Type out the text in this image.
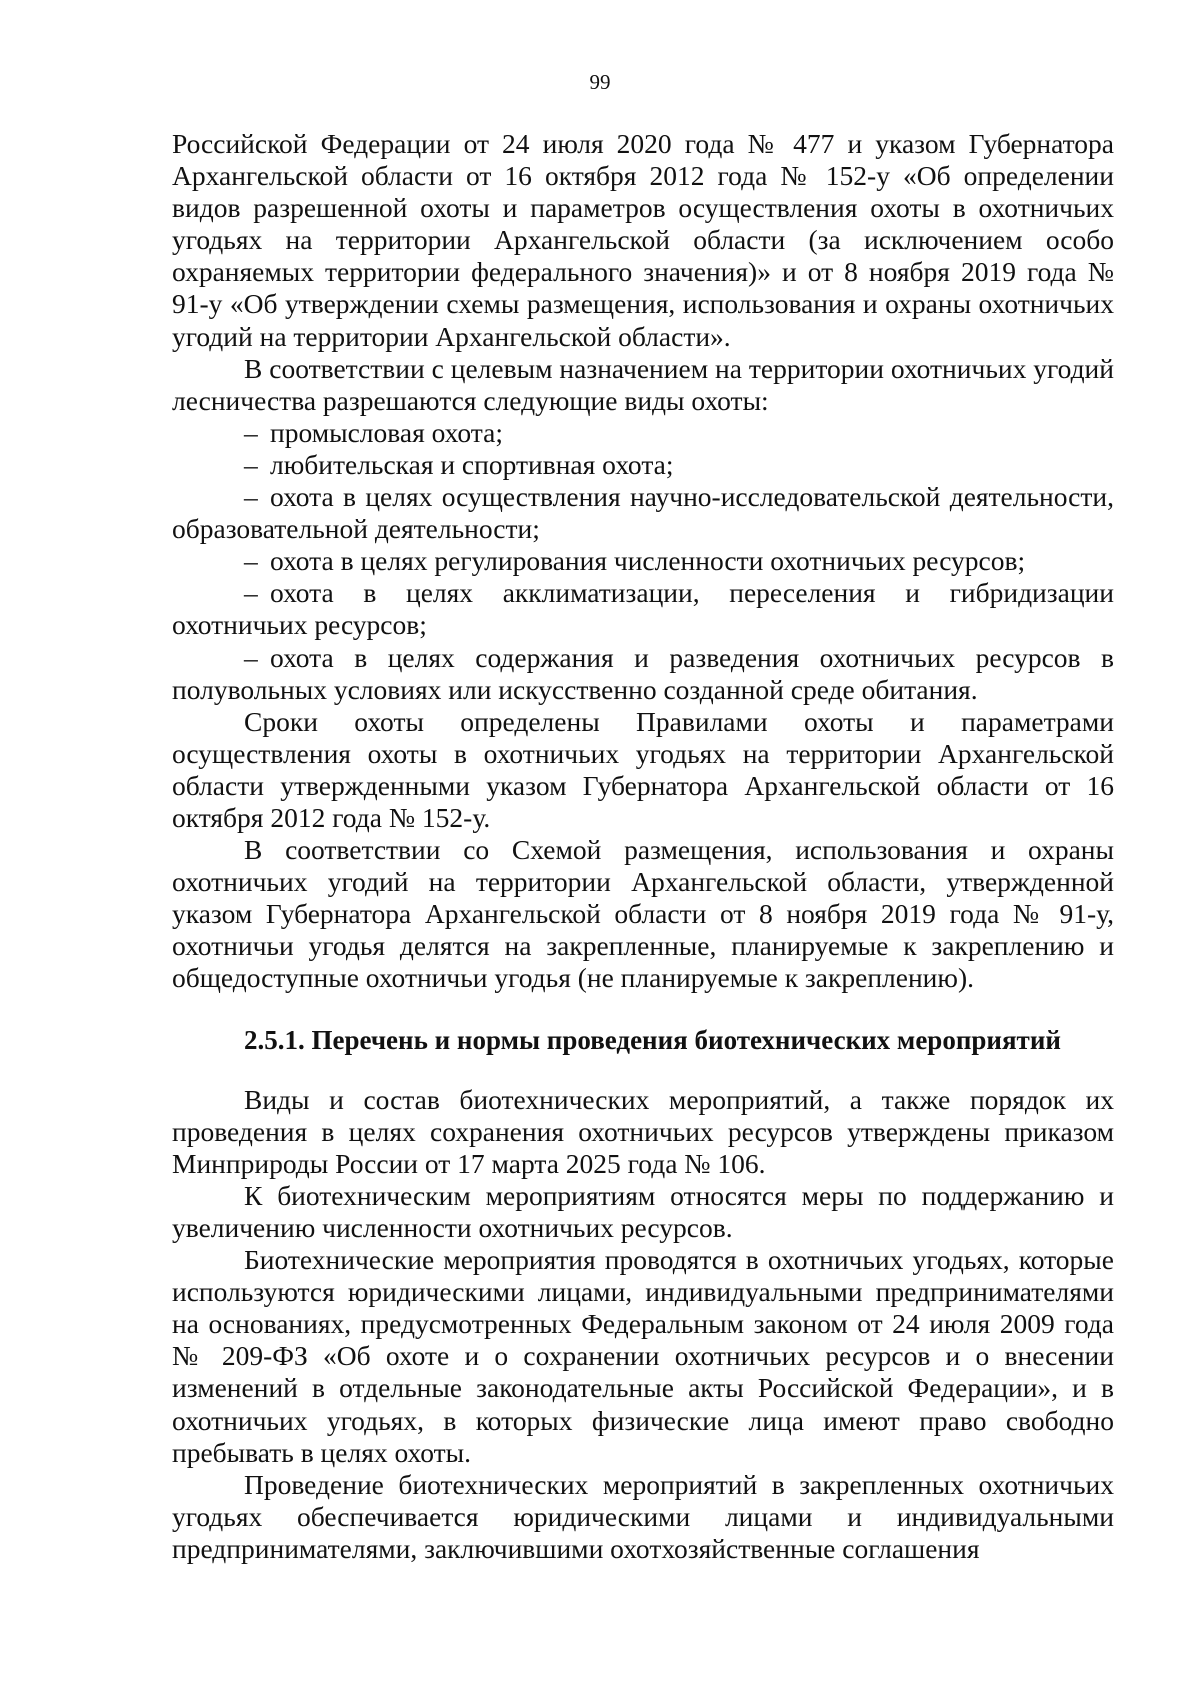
99

Российской Федерации от 24 июля 2020 года № 477 и указом Губернатора Архангельской области от 16 октября 2012 года № 152-у «Об определении видов разрешенной охоты и параметров осуществления охоты в охотничьих угодьях на территории Архангельской области (за исключением особо охраняемых территории федерального значения)» и от 8 ноября 2019 года № 91-у «Об утверждении схемы размещения, использования и охраны охотничьих угодий на территории Архангельской области».

В соответствии с целевым назначением на территории охотничьих угодий лесничества разрешаются следующие виды охоты:

– промысловая охота;

– любительская и спортивная охота;

– охота в целях осуществления научно-исследовательской деятельности, образовательной деятельности;

– охота в целях регулирования численности охотничьих ресурсов;

– охота в целях акклиматизации, переселения и гибридизации охотничьих ресурсов;

– охота в целях содержания и разведения охотничьих ресурсов в полувольных условиях или искусственно созданной среде обитания.

Сроки охоты определены Правилами охоты и параметрами осуществления охоты в охотничьих угодьях на территории Архангельской области утвержденными указом Губернатора Архангельской области от 16 октября 2012 года № 152-у.

В соответствии со Схемой размещения, использования и охраны охотничьих угодий на территории Архангельской области, утвержденной указом Губернатора Архангельской области от 8 ноября 2019 года № 91-у, охотничьи угодья делятся на закрепленные, планируемые к закреплению и общедоступные охотничьи угодья (не планируемые к закреплению).

2.5.1. Перечень и нормы проведения биотехнических мероприятий

Виды и состав биотехнических мероприятий, а также порядок их проведения в целях сохранения охотничьих ресурсов утверждены приказом Минприроды России от 17 марта 2025 года № 106.

К биотехническим мероприятиям относятся меры по поддержанию и увеличению численности охотничьих ресурсов.

Биотехнические мероприятия проводятся в охотничьих угодьях, которые используются юридическими лицами, индивидуальными предпринимателями на основаниях, предусмотренных Федеральным законом от 24 июля 2009 года № 209-ФЗ «Об охоте и о сохранении охотничьих ресурсов и о внесении изменений в отдельные законодательные акты Российской Федерации», и в охотничьих угодьях, в которых физические лица имеют право свободно пребывать в целях охоты.

Проведение биотехнических мероприятий в закрепленных охотничьих угодьях обеспечивается юридическими лицами и индивидуальными предпринимателями, заключившими охотхозяйственные соглашения
